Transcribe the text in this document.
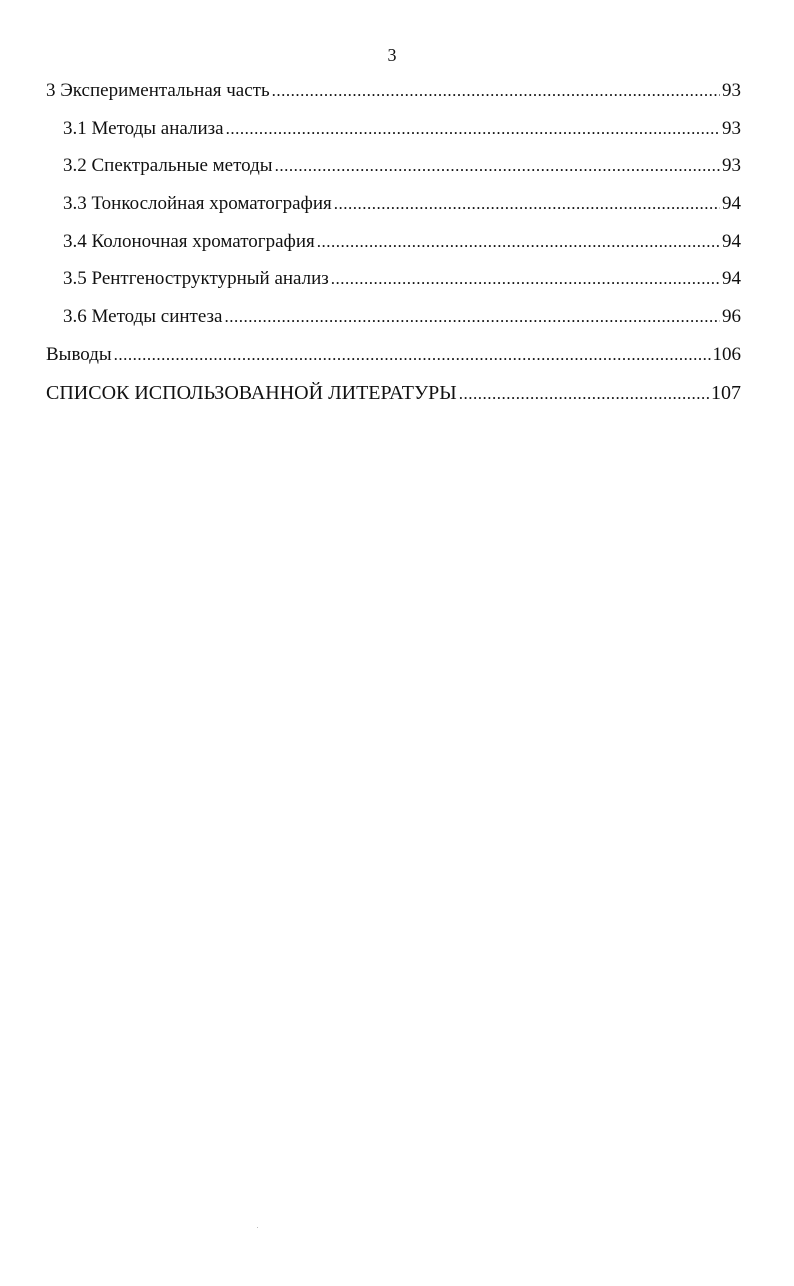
3
3 Экспериментальная часть .....	93
3.1 Методы анализа .....	93
3.2 Спектральные методы .....	93
3.3 Тонкослойная хроматография .....	94
3.4 Колоночная хроматография .....	94
3.5 Рентгеноструктурный анализ .....	94
3.6 Методы синтеза .....	96
Выводы .....	106
СПИСОК ИСПОЛЬЗОВАННОЙ ЛИТЕРАТУРЫ .....	107
